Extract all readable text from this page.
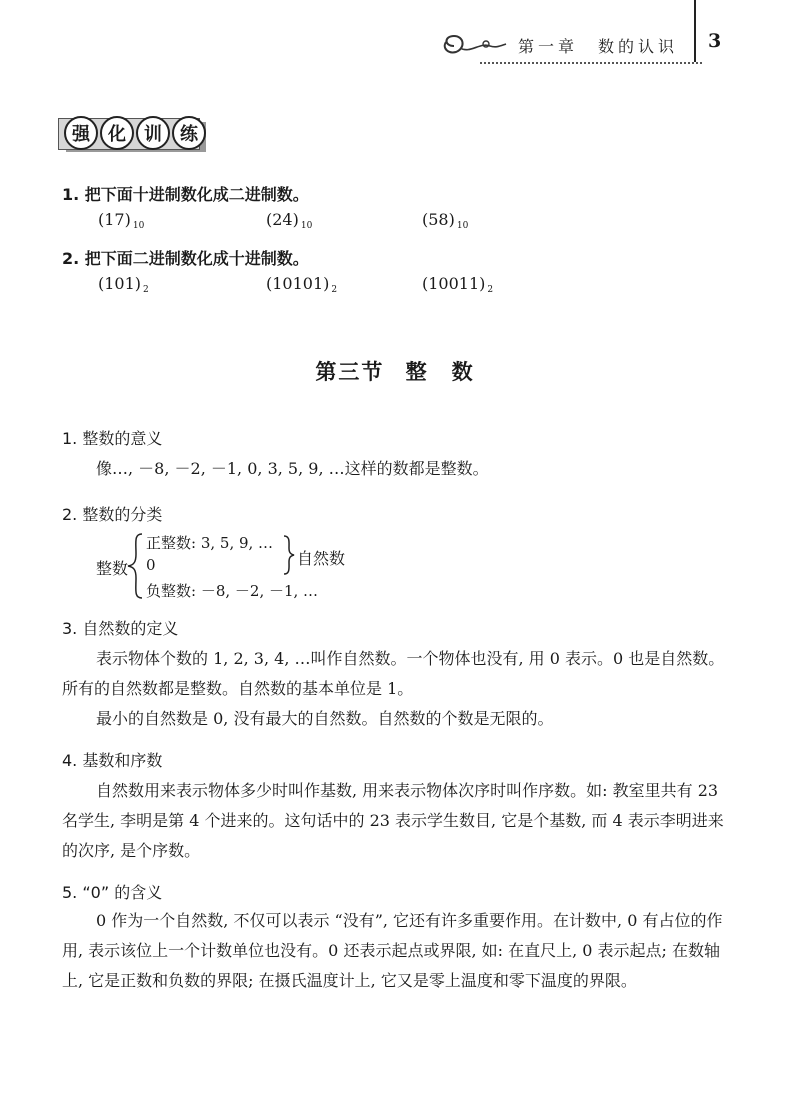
第一章　数的认识 3
强	化	训	练
1. 把下面十进制数化成二进制数。
(17) $_{10}$	(24) $_{10}$	(58) $_{10}$
2. 把下面二进制数化成十进制数。
(101) $_2$	(10101) $_2$	(10011) $_2$
第三节 整　数
1. 整数的意义
像…, －8, －2, －1, 0, 3, 5, 9, …这样的数都是整数。
2. 整数的分类
整数
正整数: 3, 5, 9, …
0
负整数: －8, －2, －1, …
自然数
3. 自然数的定义
表示物体个数的 1, 2, 3, 4, …叫作自然数。一个物体也没有, 用 0 表示。0 也是自然数。所有的自然数都是整数。自然数的基本单位是 1。
最小的自然数是 0, 没有最大的自然数。自然数的个数是无限的。
4. 基数和序数
自然数用来表示物体多少时叫作基数, 用来表示物体次序时叫作序数。如: 教室里共有 23 名学生, 李明是第 4 个进来的。这句话中的 23 表示学生数目, 它是个基数, 而 4 表示李明进来的次序, 是个序数。
5. “0” 的含义
0 作为一个自然数, 不仅可以表示 “没有”, 它还有许多重要作用。在计数中, 0 有占位的作用, 表示该位上一个计数单位也没有。0 还表示起点或界限, 如: 在直尺上, 0 表示起点; 在数轴上, 它是正数和负数的界限; 在摄氏温度计上, 它又是零上温度和零下温度的界限。
